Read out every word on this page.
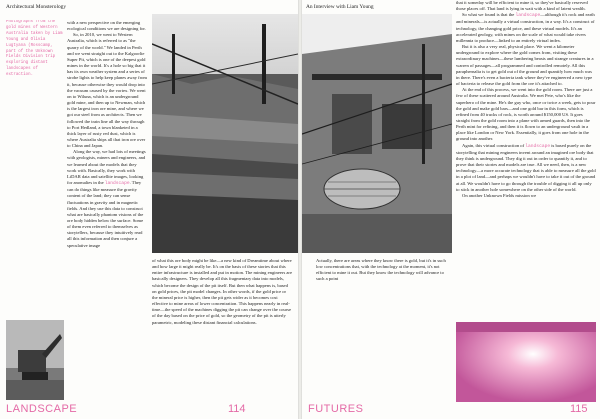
Architectural Monsterology
Photographs from the gold mines of Western Australia taken by Liam Young and Olivia Lugtyana (Rosscamp, part of the Unknown Fields Division trip exploring distant landscapes of extraction.

with a new perspective on the emerging ecological conditions we are designing for.

So, in 2010, we went to Western Australia, which is referred to as "the quarry of the world." We landed in Perth and we went straight out to the Kalgoorlie Super Pit, which is one of the deepest gold mines in the world. It's a hole so big that it has its own weather system and a series of strobe lights to help keep planes away from it, because otherwise they would drop into the vacuum caused by the vortex. We went on to Wiluna, which is an underground gold mine, and then up to Newman, which is the largest iron ore mine, and where we got our steel from as architects. Then we followed the train line all the way through to Port Hedland, a town blanketed in a thick layer of rusty red dust, which is where Australia ships all that iron ore over to China and Japan.

Along the way, we had lots of meetings with geologists, miners and engineers, and we learned about the models that they work with. Basically, they work with LiDAR data and satellite images, looking for anomalies in the landscape. They can do things like measure the gravity content of the land; they can sense fluctuations in gravity and in magnetic fields. And they use this data to construct what are basically phantom visions of the ore body hidden below the surface. Some of them even referred to themselves as storytellers, because they intuitively read all this information and then conjure a speculative image

of what this ore body might be like—a new kind of Dreamtime about where and how large it might really be. It's on the basis of these stories that this entire infrastructure is installed and put in motion. The mining engineers are basically designers. They develop all this fragmentary data into models, which become the design of the pit itself. But then what happens is, based on gold prices, the pit model changes. In other words, if the gold price or the mineral price is higher, then the pit gets wider as it becomes cost effective to mine areas of lower concentration. This happens nearly in real-time—the speed of the machines digging the pit can change over the course of the day based on the price of gold, so the geometry of the pit is utterly parametric, modeling these distant financial calculations.
LANDSCAPE	114
An Interview with Liam Young
Actually, there are areas where they know there is gold, but it's in such low concentrations that, with the technology at the moment, it's not efficient to mine it out. But they know the technology will advance to such a point

that it someday will be efficient to mine it, so they've basically reserved those places off. That land is lying in wait with a kind of latent wealth.

So what we found is that the landscape—although it's rock and earth and minerals—is actually a virtual construction, in a way. It's a construct of technology, the changing gold price, and these virtual models. It's an accelerated geology, with mines on the scale of what would take rivers millennia to produce—linked to an entirely virtual index.

But it is also a very real, physical place. We went a kilometer underground to explore where the gold comes from, visiting these extraordinary machines—these lumbering beasts and strange creatures in a warren of passages—all programmed and controlled remotely. All this paraphernalia is to get gold out of the ground and quantify how much was in there. There's even a bacteria tank where they've engineered a new type of bacteria to release the gold from the ore it's attached to.

At the end of this process, we went into the gold room. There are just a few of these scattered around Australia. We met Pete, who's like the superhero of the mine. He's the guy who, once or twice a week, gets to pour the gold and make gold bars—and one gold bar in this form, which is refined from 40 trucks of rock, is worth around $150,000 US. It goes straight from the gold room into a plane with armed guards, then into the Perth mint for refining, and then it is flown to an underground vault in a place like London or New York. Essentially, it goes from one hole in the ground into another.

Again, this virtual construction of landscape is based purely on the storytelling that mining engineers invent around an imagined ore body that they think is underground. They dig it out in order to quantify it, and to prove that their stories and models are true. All we need, then, is a new technology—a more accurate technology that is able to measure all the gold in a plot of land—and perhaps we wouldn't have to take it out of the ground at all. We wouldn't have to go through the trouble of digging it all up only to stick in another hole somewhere on the other side of the world.

On another Unknown Fields mission we

FUTURES	115
